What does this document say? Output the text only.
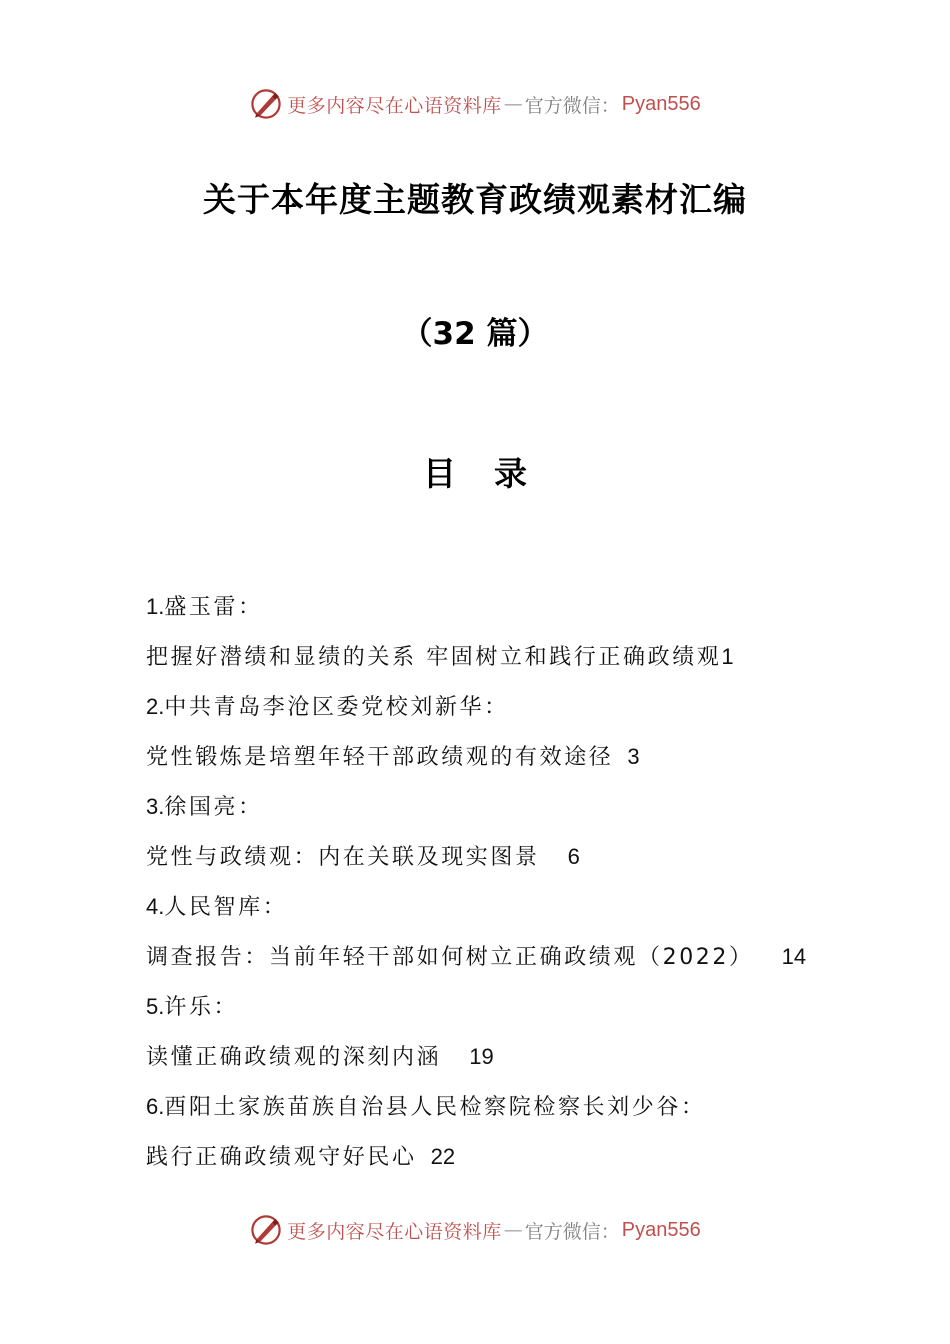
更多内容尽在心语资料库 — 官方微信： Pyan556
关于本年度主题教育政绩观素材汇编
（32 篇）
目 录
1.盛玉雷：
把握好潜绩和显绩的关系 牢固树立和践行正确政绩观1
2.中共青岛李沧区委党校刘新华：
党性锻炼是培塑年轻干部政绩观的有效途径 3
3.徐国亮：
党性与政绩观：内在关联及现实图景 6
4.人民智库：
调查报告：当前年轻干部如何树立正确政绩观（2022） 14
5.许乐：
读懂正确政绩观的深刻内涵 19
6.酉阳土家族苗族自治县人民检察院检察长刘少谷：
践行正确政绩观守好民心 22
更多内容尽在心语资料库 — 官方微信： Pyan556
